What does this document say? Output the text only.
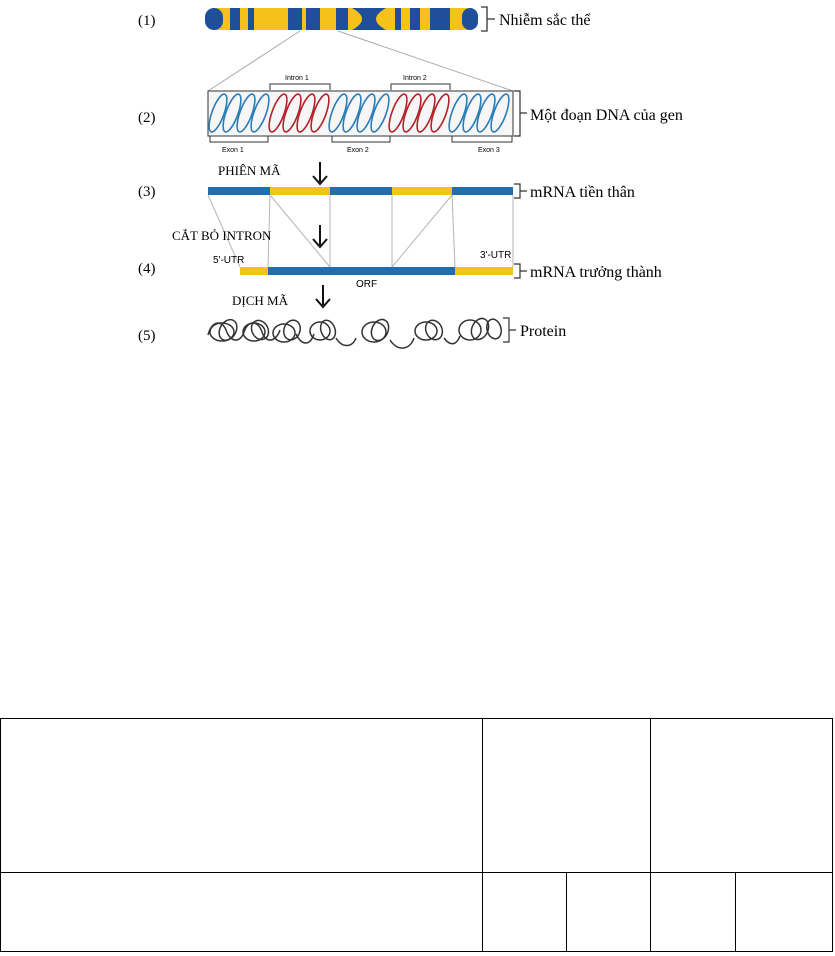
(1)
(2)
(3)
(4)
(5)
Nhiễm sắc thể
Intron 1	Intron 2
Exon 1	Exon 2	Exon 3
Một đoạn DNA của gen
PHIÊN MÃ
mRNA tiền thân
CẮT BỎ INTRON
5'-UTR	3'-UTR
ORF
mRNA trưởng thành
DỊCH MÃ
Protein
